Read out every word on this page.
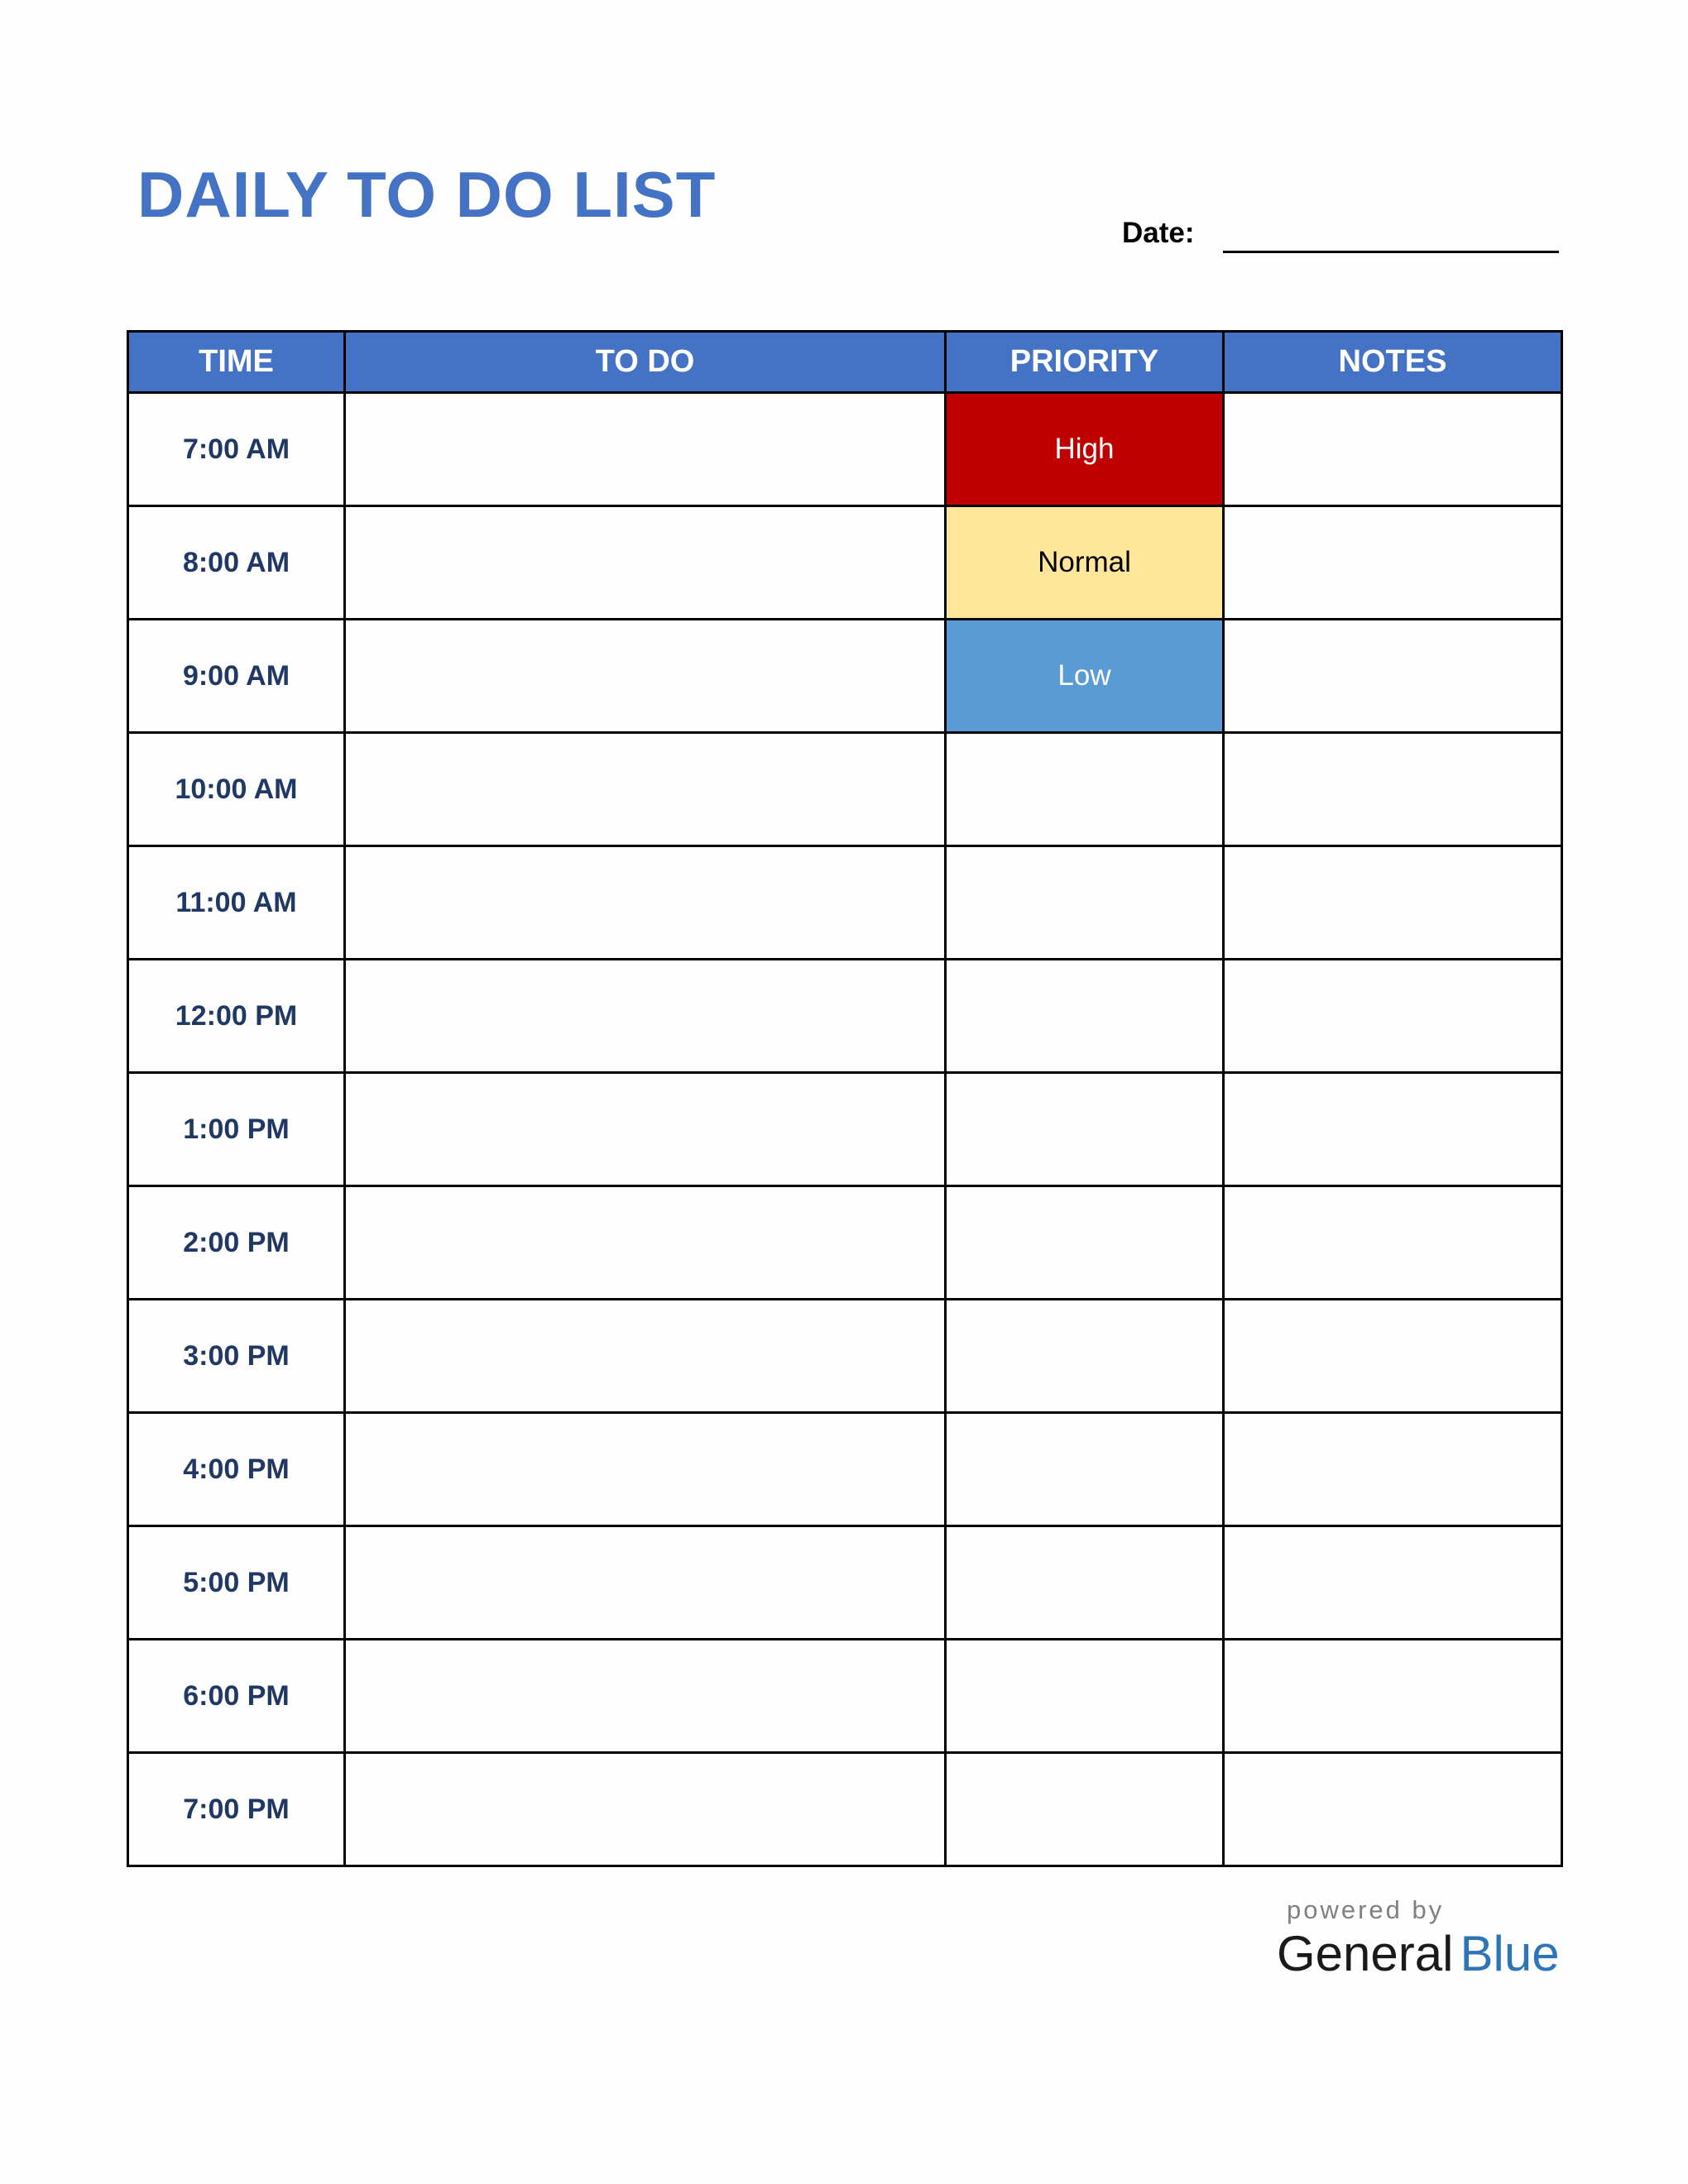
DAILY TO DO LIST
Date:
TIME	TO DO	PRIORITY	NOTES
7:00 AM		High	
8:00 AM		Normal	
9:00 AM		Low	
10:00 AM			
11:00 AM			
12:00 PM			
1:00 PM			
2:00 PM			
3:00 PM			
4:00 PM			
5:00 PM			
6:00 PM			
7:00 PM			
powered by
General Blue
